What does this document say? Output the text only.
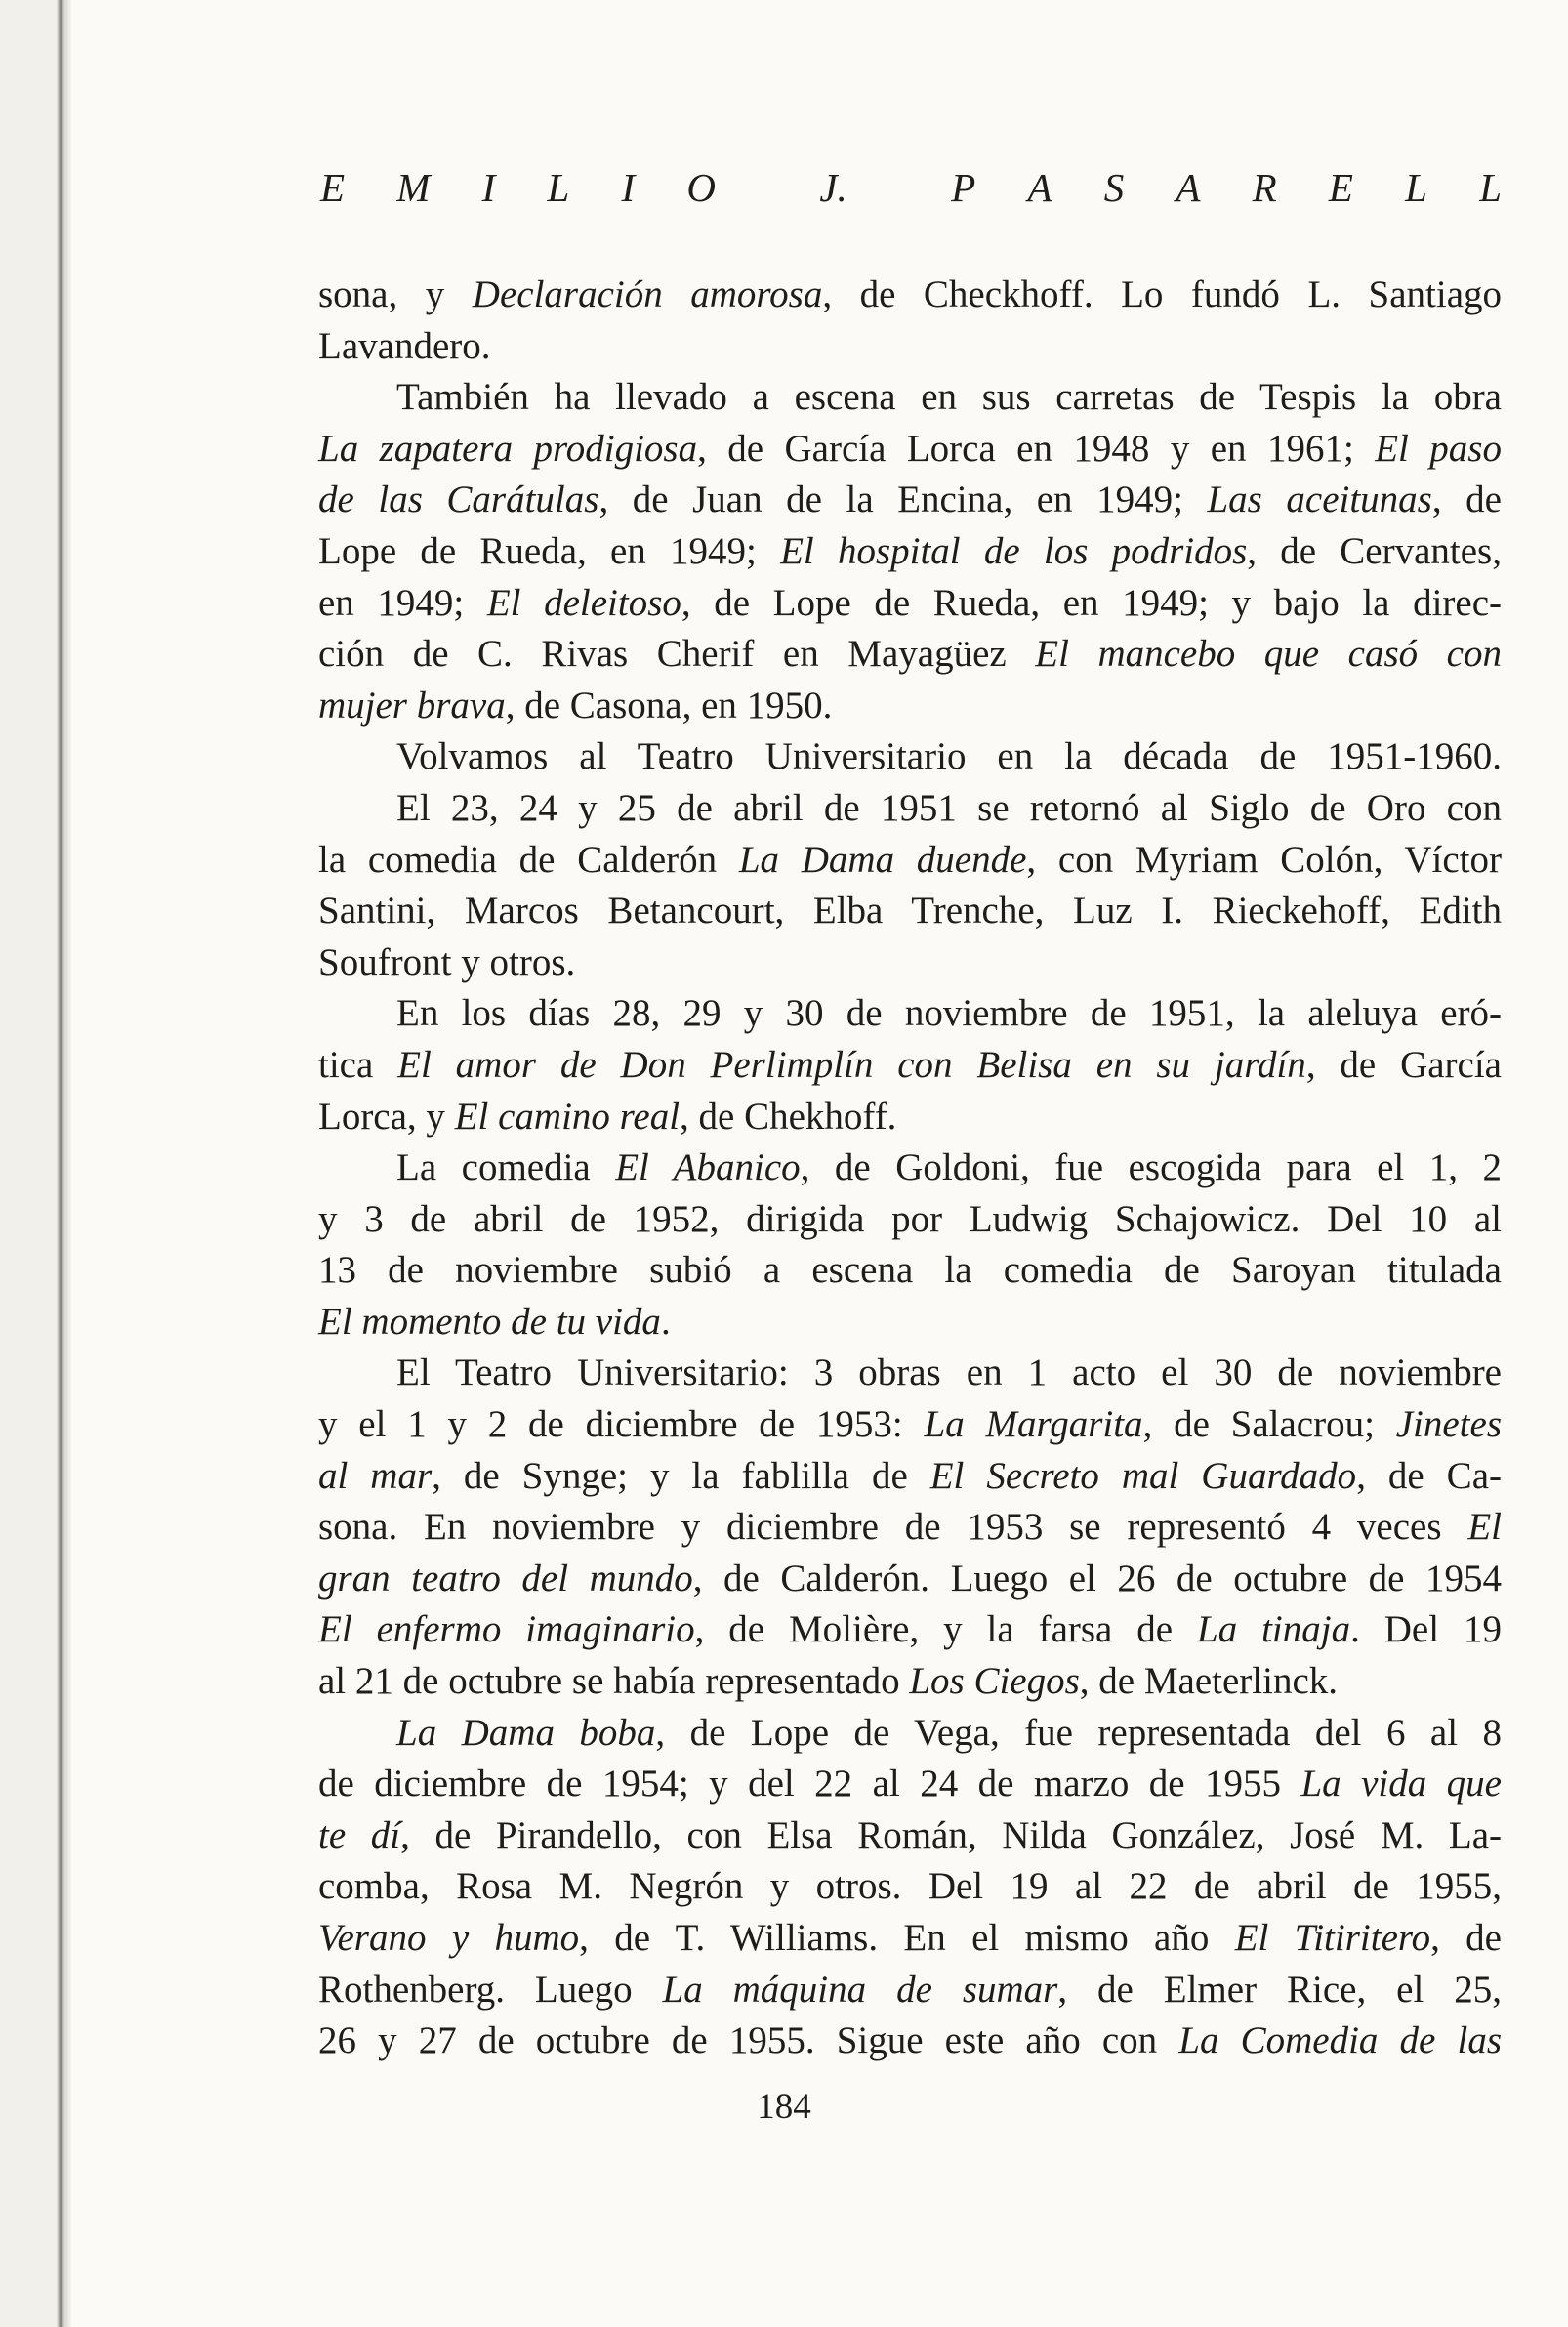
E M I L I O	J.	P A S A R E L L
sona, y Declaración amorosa, de Checkhoff. Lo fundó L. Santiago
Lavandero.
También ha llevado a escena en sus carretas de Tespis la obra
La zapatera prodigiosa, de García Lorca en 1948 y en 1961; El paso
de las Carátulas, de Juan de la Encina, en 1949; Las aceitunas, de
Lope de Rueda, en 1949; El hospital de los podridos, de Cervantes,
en 1949; El deleitoso, de Lope de Rueda, en 1949; y bajo la direc-
ción de C. Rivas Cherif en Mayagüez El mancebo que casó con
mujer brava, de Casona, en 1950.
Volvamos al Teatro Universitario en la década de 1951-1960.
El 23, 24 y 25 de abril de 1951 se retornó al Siglo de Oro con
la comedia de Calderón La Dama duende, con Myriam Colón, Víctor
Santini, Marcos Betancourt, Elba Trenche, Luz I. Rieckehoff, Edith
Soufront y otros.
En los días 28, 29 y 30 de noviembre de 1951, la aleluya eró-
tica El amor de Don Perlimplín con Belisa en su jardín, de García
Lorca, y El camino real, de Chekhoff.
La comedia El Abanico, de Goldoni, fue escogida para el 1, 2
y 3 de abril de 1952, dirigida por Ludwig Schajowicz. Del 10 al
13 de noviembre subió a escena la comedia de Saroyan titulada
El momento de tu vida.
El Teatro Universitario: 3 obras en 1 acto el 30 de noviembre
y el 1 y 2 de diciembre de 1953: La Margarita, de Salacrou; Jinetes
al mar, de Synge; y la fablilla de El Secreto mal Guardado, de Ca-
sona. En noviembre y diciembre de 1953 se representó 4 veces El
gran teatro del mundo, de Calderón. Luego el 26 de octubre de 1954
El enfermo imaginario, de Molière, y la farsa de La tinaja. Del 19
al 21 de octubre se había representado Los Ciegos, de Maeterlinck.
La Dama boba, de Lope de Vega, fue representada del 6 al 8
de diciembre de 1954; y del 22 al 24 de marzo de 1955 La vida que
te dí, de Pirandello, con Elsa Román, Nilda González, José M. La-
comba, Rosa M. Negrón y otros. Del 19 al 22 de abril de 1955,
Verano y humo, de T. Williams. En el mismo año El Titiritero, de
Rothenberg. Luego La máquina de sumar, de Elmer Rice, el 25,
26 y 27 de octubre de 1955. Sigue este año con La Comedia de las
184
